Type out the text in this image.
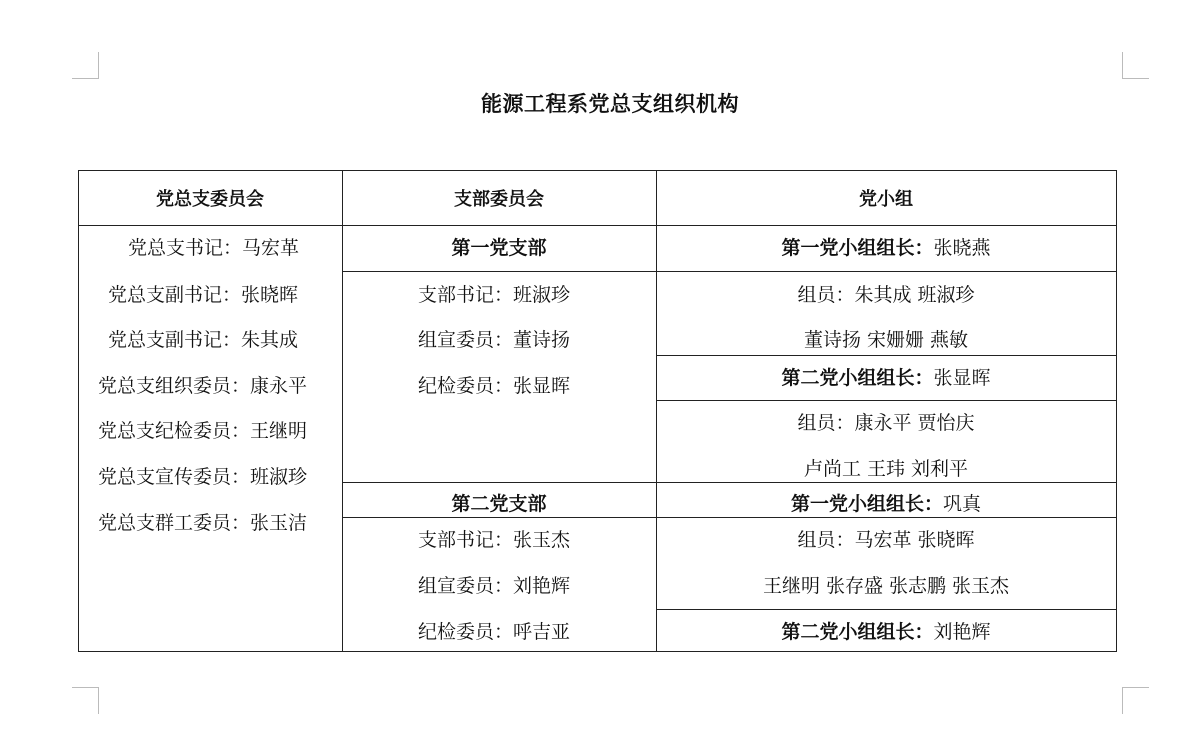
能源工程系党总支组织机构
党总支委员会	支部委员会	党小组
党总支书记：马宏革
党总支副书记：张晓晖
党总支副书记：朱其成
党总支组织委员：康永平
党总支纪检委员：王继明
党总支宣传委员：班淑珍
党总支群工委员：张玉洁
第一党支部
支部书记：班淑珍
组宣委员：董诗扬
纪检委员：张显晖
第二党支部
支部书记：张玉杰
组宣委员：刘艳辉
纪检委员：呼吉亚
第一党小组组长：张晓燕
组员：朱其成 班淑珍
董诗扬 宋姗姗 燕敏
第二党小组组长：张显晖
组员：康永平 贾怡庆
卢尚工 王玮 刘利平
第一党小组组长：巩真
组员：马宏革 张晓晖
王继明 张存盛 张志鹏 张玉杰
第二党小组组长：刘艳辉
